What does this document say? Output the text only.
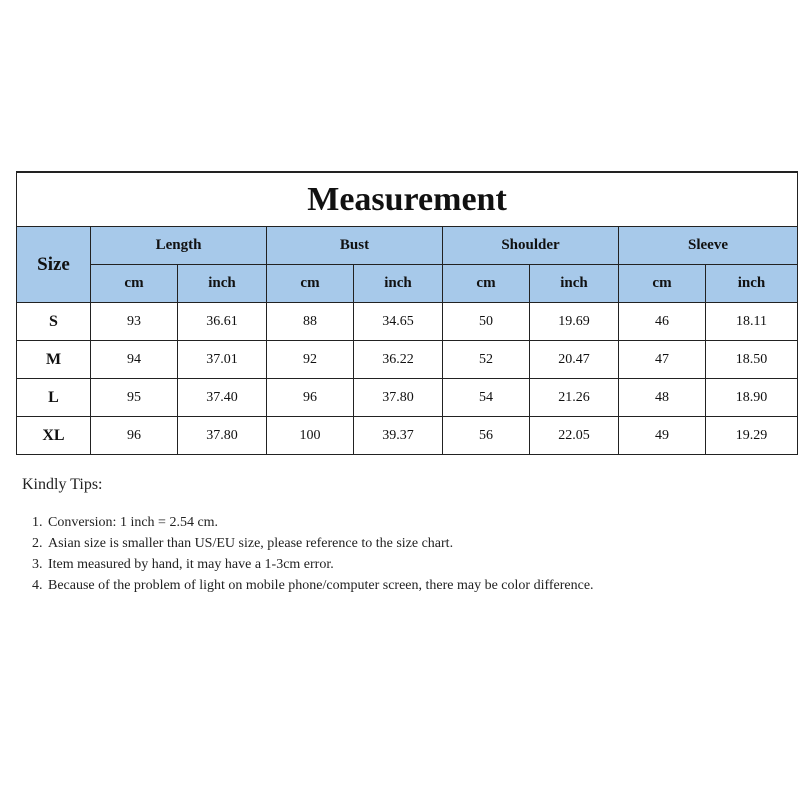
Measurement								
Size	Length		Bust		Shoulder		Sleeve	
	cm	inch	cm	inch	cm	inch	cm	inch
S	93	36.61	88	34.65	50	19.69	46	18.11
M	94	37.01	92	36.22	52	20.47	47	18.50
L	95	37.40	96	37.80	54	21.26	48	18.90
XL	96	37.80	100	39.37	56	22.05	49	19.29
Kindly Tips:
1. Conversion: 1 inch = 2.54 cm.
2. Asian size is smaller than US/EU size, please reference to the size chart.
3. Item measured by hand, it may have a 1-3cm error.
4. Because of the problem of light on mobile phone/computer screen, there may be color difference.
